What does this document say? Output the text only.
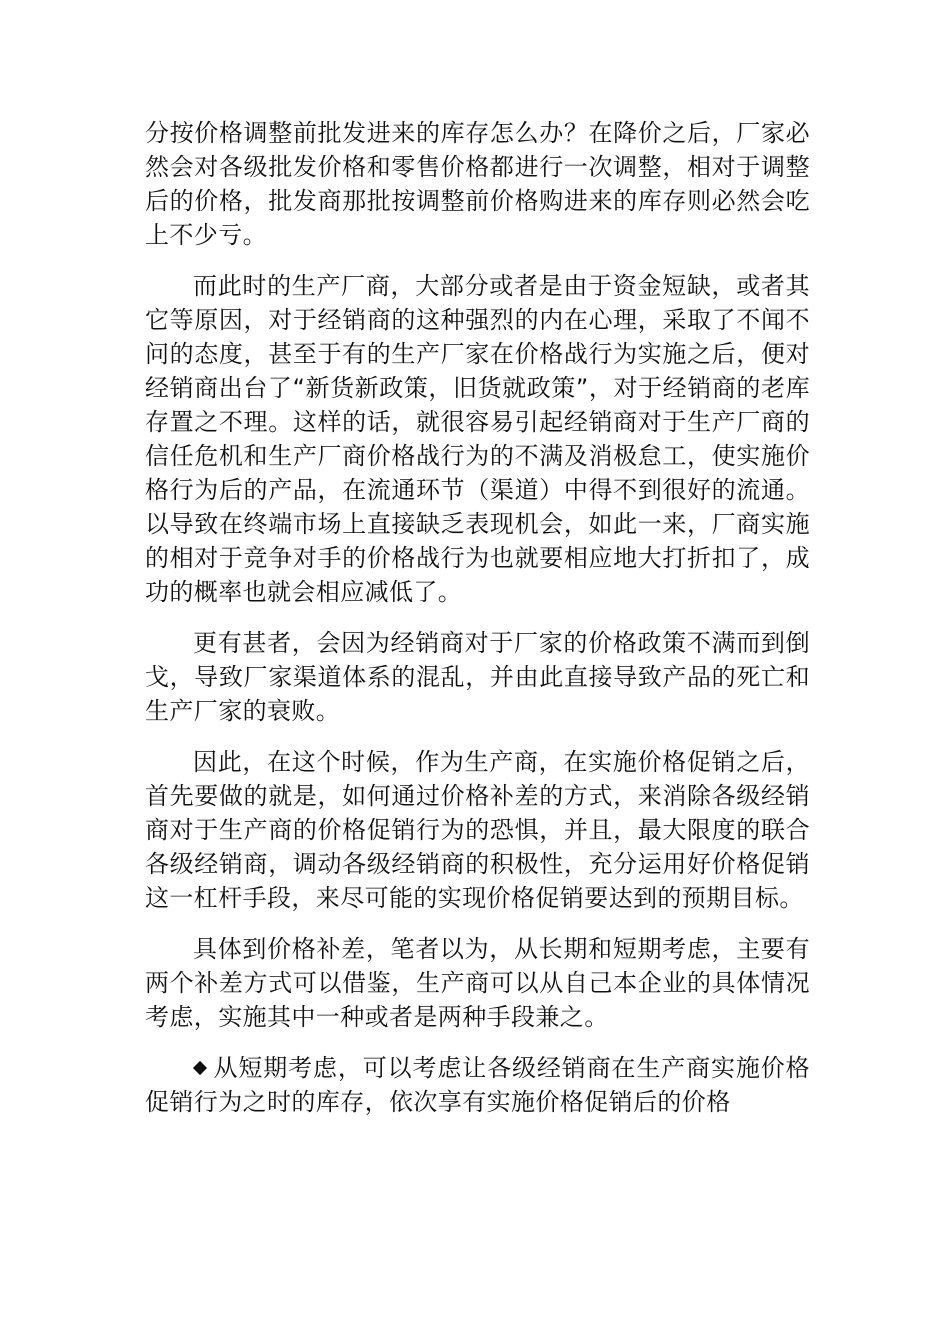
分按价格调整前批发进来的库存怎么办？在降价之后，厂家必然会对各级批发价格和零售价格都进行一次调整，相对于调整后的价格，批发商那批按调整前价格购进来的库存则必然会吃上不少亏。

而此时的生产厂商，大部分或者是由于资金短缺，或者其它等原因，对于经销商的这种强烈的内在心理，采取了不闻不问的态度，甚至于有的生产厂家在价格战行为实施之后，便对经销商出台了“新货新政策，旧货就政策”，对于经销商的老库存置之不理。这样的话，就很容易引起经销商对于生产厂商的信任危机和生产厂商价格战行为的不满及消极怠工，使实施价格行为后的产品，在流通环节（渠道）中得不到很好的流通。以导致在终端市场上直接缺乏表现机会，如此一来，厂商实施的相对于竞争对手的价格战行为也就要相应地大打折扣了，成功的概率也就会相应减低了。

更有甚者，会因为经销商对于厂家的价格政策不满而到倒戈，导致厂家渠道体系的混乱，并由此直接导致产品的死亡和生产厂家的衰败。

因此，在这个时候，作为生产商，在实施价格促销之后，首先要做的就是，如何通过价格补差的方式，来消除各级经销商对于生产商的价格促销行为的恐惧，并且，最大限度的联合各级经销商，调动各级经销商的积极性，充分运用好价格促销这一杠杆手段，来尽可能的实现价格促销要达到的预期目标。

具体到价格补差，笔者以为，从长期和短期考虑，主要有两个补差方式可以借鉴，生产商可以从自己本企业的具体情况考虑，实施其中一种或者是两种手段兼之。

从短期考虑，可以考虑让各级经销商在生产商实施价格促销行为之时的库存，依次享有实施价格促销后的价格
